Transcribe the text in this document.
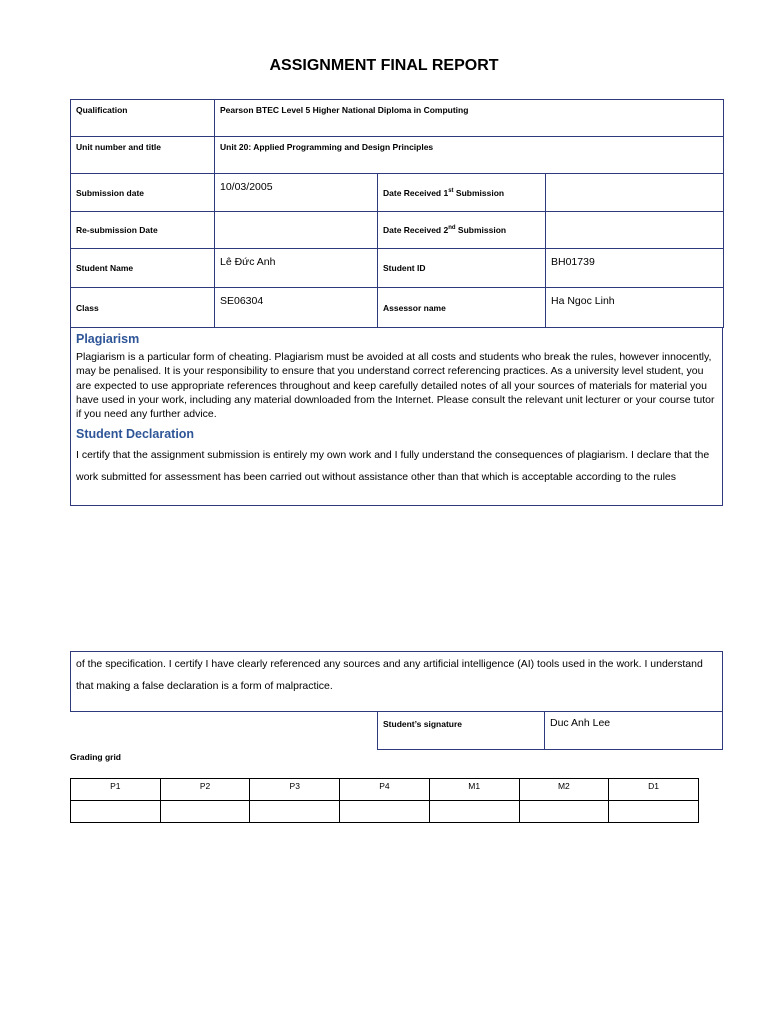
ASSIGNMENT FINAL REPORT
Qualification	Pearson BTEC Level 5 Higher National Diploma in Computing		
Unit number and title	Unit 20: Applied Programming and Design Principles		
Submission date	10/03/2005	Date Received 1st Submission	
Re-submission Date		Date Received 2nd Submission	
Student Name	Lê Đức Anh	Student ID	BH01739
Class	SE06304	Assessor name	Ha Ngoc Linh
Plagiarism

Plagiarism is a particular form of cheating. Plagiarism must be avoided at all costs and students who break the rules, however innocently, may be penalised. It is your responsibility to ensure that you understand correct referencing practices. As a university level student, you are expected to use appropriate references throughout and keep carefully detailed notes of all your sources of materials for material you have used in your work, including any material downloaded from the Internet. Please consult the relevant unit lecturer or your course tutor if you need any further advice.

Student Declaration

I certify that the assignment submission is entirely my own work and I fully understand the consequences of plagiarism. I declare that the work submitted for assessment has been carried out without assistance other than that which is acceptable according to the rules

of the specification. I certify I have clearly referenced any sources and any artificial intelligence (AI) tools used in the work. I understand that making a false declaration is a form of malpractice.

Student’s signature	Duc Anh Lee
Grading grid
P1	P2	P3	P4	M1	M2	D1
